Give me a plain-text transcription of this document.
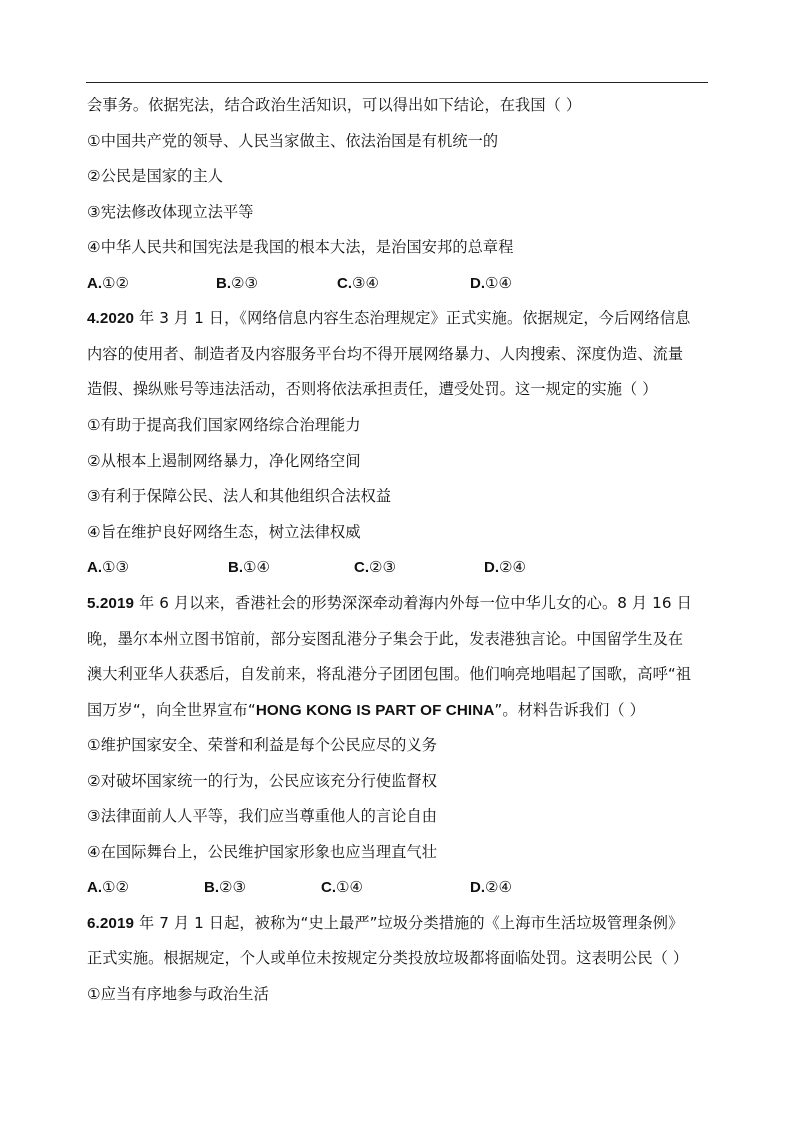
会事务。依据宪法，结合政治生活知识，可以得出如下结论，在我国（ ）
①中国共产党的领导、人民当家做主、依法治国是有机统一的
②公民是国家的主人
③宪法修改体现立法平等
④中华人民共和国宪法是我国的根本大法，是治国安邦的总章程
A.①②	B.②③	C.③④	D.①④
4.2020 年 3 月 1 日，《网络信息内容生态治理规定》正式实施。依据规定，今后网络信息
内容的使用者、制造者及内容服务平台均不得开展网络暴力、人肉搜索、深度伪造、流量
造假、操纵账号等违法活动，否则将依法承担责任，遭受处罚。这一规定的实施（ ）
①有助于提高我们国家网络综合治理能力
②从根本上遏制网络暴力，净化网络空间
③有利于保障公民、法人和其他组织合法权益
④旨在维护良好网络生态，树立法律权威
A.①③	B.①④	C.②③	D.②④
5.2019 年 6 月以来，香港社会的形势深深牵动着海内外每一位中华儿女的心。8 月 16 日
晚，墨尔本州立图书馆前，部分妄图乱港分子集会于此，发表港独言论。中国留学生及在
澳大利亚华人获悉后，自发前来，将乱港分子团团包围。他们响亮地唱起了国歌，高呼“祖
国万岁“，向全世界宣布“HONG KONG IS PART OF CHINA”。材料告诉我们（ ）
①维护国家安全、荣誉和利益是每个公民应尽的义务
②对破坏国家统一的行为，公民应该充分行使监督权
③法律面前人人平等，我们应当尊重他人的言论自由
④在国际舞台上，公民维护国家形象也应当理直气壮
A.①②	B.②③	C.①④	D.②④
6.2019 年 7 月 1 日起，被称为“史上最严”垃圾分类措施的《上海市生活垃圾管理条例》
正式实施。根据规定，个人或单位未按规定分类投放垃圾都将面临处罚。这表明公民（ ）
①应当有序地参与政治生活
